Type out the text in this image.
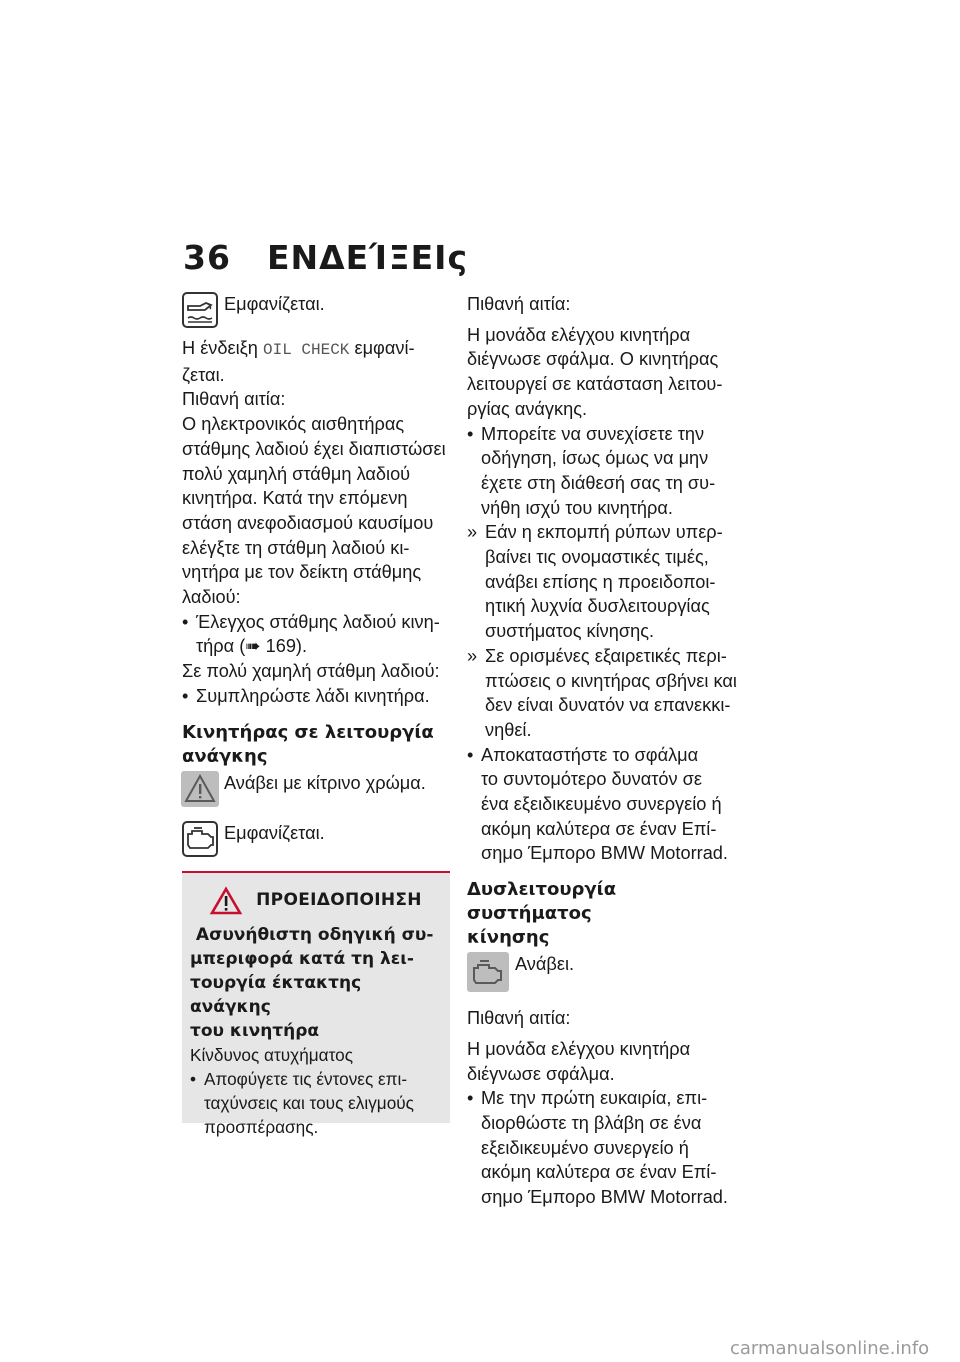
36 ΕΝΔΕΊΞΕΙς
Εμφανίζεται.

Η ένδειξη OIL CHECK εμφανί-

ζεται.

Πιθανή αιτία:

Ο ηλεκτρονικός αισθητήρας

στάθμης λαδιού έχει διαπιστώσει

πολύ χαμηλή στάθμη λαδιού

κινητήρα. Κατά την επόμενη

στάση ανεφοδιασμού καυσίμου

ελέγξτε τη στάθμη λαδιού κι-

νητήρα με τον δείκτη στάθμης

λαδιού:

• Έλεγχος στάθμης λαδιού κινη-
τήρα (➠ 169).

Σε πολύ χαμηλή στάθμη λαδιού:

• Συμπληρώστε λάδι κινητήρα.

Κινητήρας σε λειτουργία

ανάγκης

Ανάβει με κίτρινο χρώμα.
Εμφανίζεται.
ΠΡΟΕΙΔΟΠΟΙΗΣΗ
Ασυνήθιστη οδηγική συ-
μπεριφορά κατά τη λει-
τουργία έκτακτης ανάγκης
του κινητήρα

Κίνδυνος ατυχήματος

• Αποφύγετε τις έντονες επι-
ταχύνσεις και τους ελιγμούς
προσπέρασης.

Πιθανή αιτία:

Η μονάδα ελέγχου κινητήρα

διέγνωσε σφάλμα. Ο κινητήρας

λειτουργεί σε κατάσταση λειτου-

ργίας ανάγκης.

• Μπορείτε να συνεχίσετε την
οδήγηση, ίσως όμως να μην
έχετε στη διάθεσή σας τη συ-
νήθη ισχύ του κινητήρα.
» Εάν η εκπομπή ρύπων υπερ-
βαίνει τις ονομαστικές τιμές,
ανάβει επίσης η προειδοποι-
ητική λυχνία δυσλειτουργίας
συστήματος κίνησης.
» Σε ορισμένες εξαιρετικές περι-
πτώσεις ο κινητήρας σβήνει και
δεν είναι δυνατόν να επανεκκι-
νηθεί.
• Αποκαταστήστε το σφάλμα
το συντομότερο δυνατόν σε
ένα εξειδικευμένο συνεργείο ή
ακόμη καλύτερα σε έναν Επί-
σημο Έμπορο BMW Motorrad.

Δυσλειτουργία συστήματος

κίνησης

Ανάβει.

Πιθανή αιτία:

Η μονάδα ελέγχου κινητήρα

διέγνωσε σφάλμα.

• Με την πρώτη ευκαιρία, επι-
διορθώστε τη βλάβη σε ένα
εξειδικευμένο συνεργείο ή
ακόμη καλύτερα σε έναν Επί-
σημο Έμπορο BMW Motorrad.
carmanualsonline.info
